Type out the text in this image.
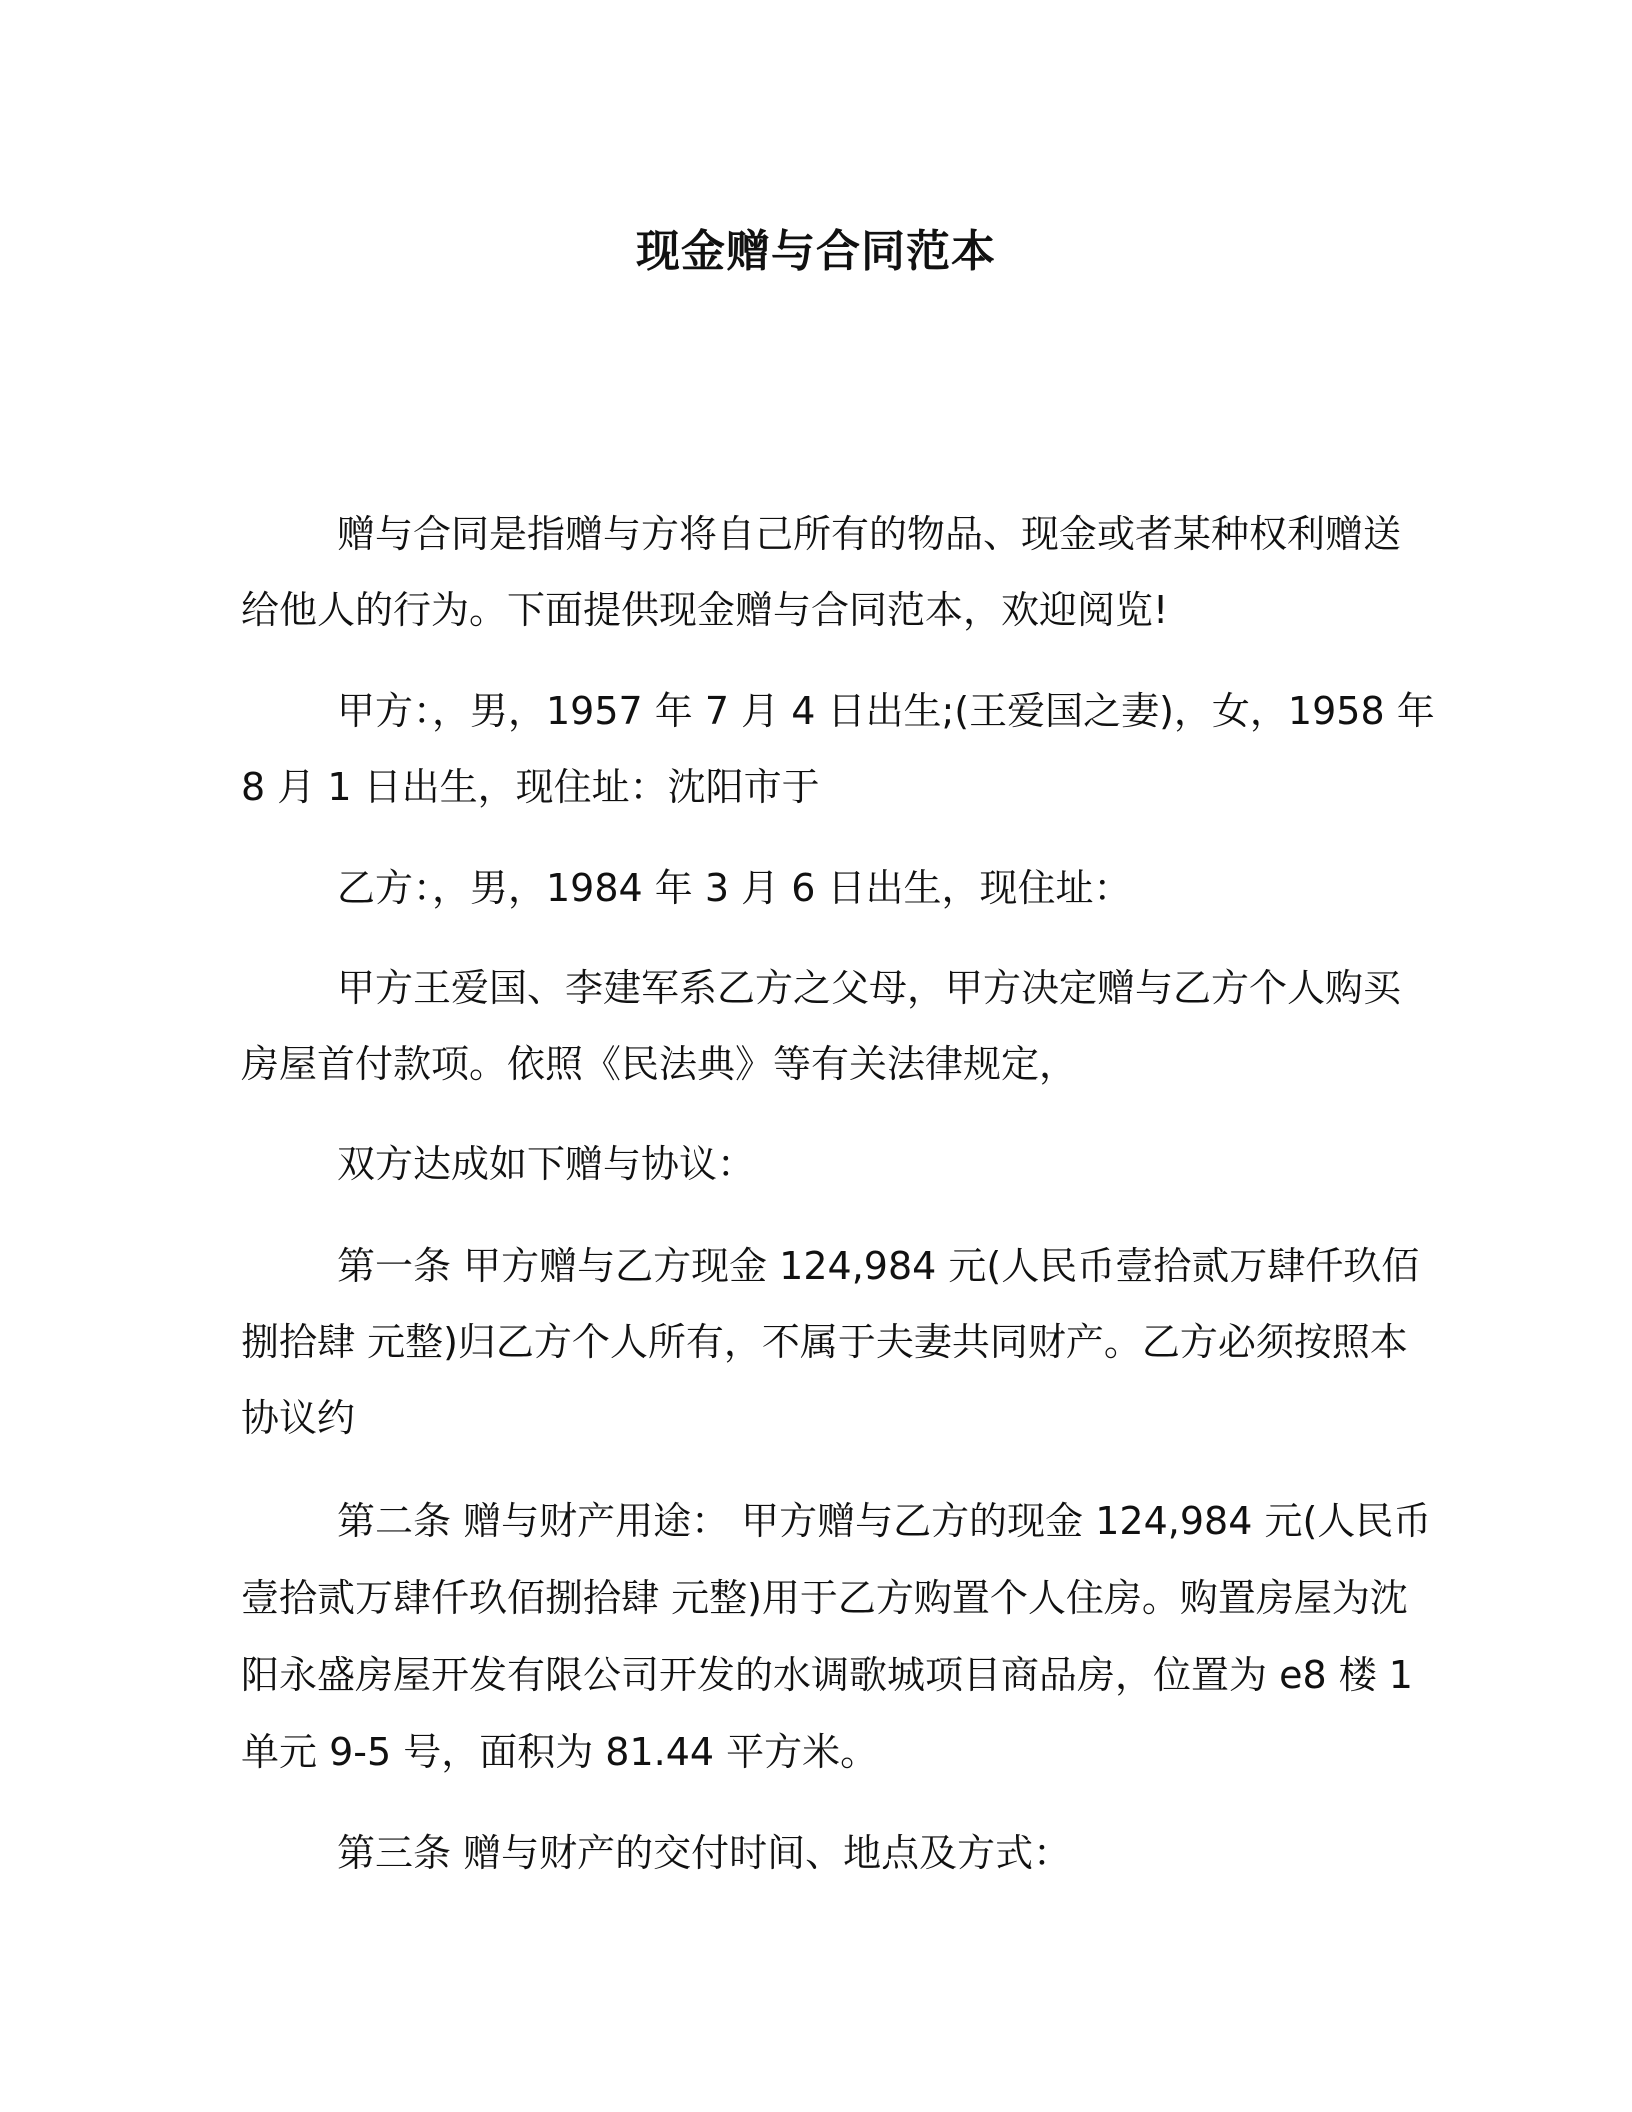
现金赠与合同范本
赠与合同是指赠与方将自己所有的物品、现金或者某种权利赠送
给他人的行为。下面提供现金赠与合同范本，欢迎阅览!
甲方：，男，1957 年 7 月 4 日出生;(王爱国之妻)，女，1958 年
8 月 1 日出生，现住址：沈阳市于
乙方：，男，1984 年 3 月 6 日出生，现住址：
甲方王爱国、李建军系乙方之父母，甲方决定赠与乙方个人购买
房屋首付款项。依照《民法典》等有关法律规定，
双方达成如下赠与协议：
第一条 甲方赠与乙方现金 124,984 元(人民币壹拾贰万肆仟玖佰
捌拾肆 元整)归乙方个人所有，不属于夫妻共同财产。乙方必须按照本
协议约
第二条 赠与财产用途： 甲方赠与乙方的现金 124,984 元(人民币
壹拾贰万肆仟玖佰捌拾肆 元整)用于乙方购置个人住房。购置房屋为沈
阳永盛房屋开发有限公司开发的水调歌城项目商品房，位置为 e8 楼 1
单元 9-5 号，面积为 81.44 平方米。
第三条 赠与财产的交付时间、地点及方式：
